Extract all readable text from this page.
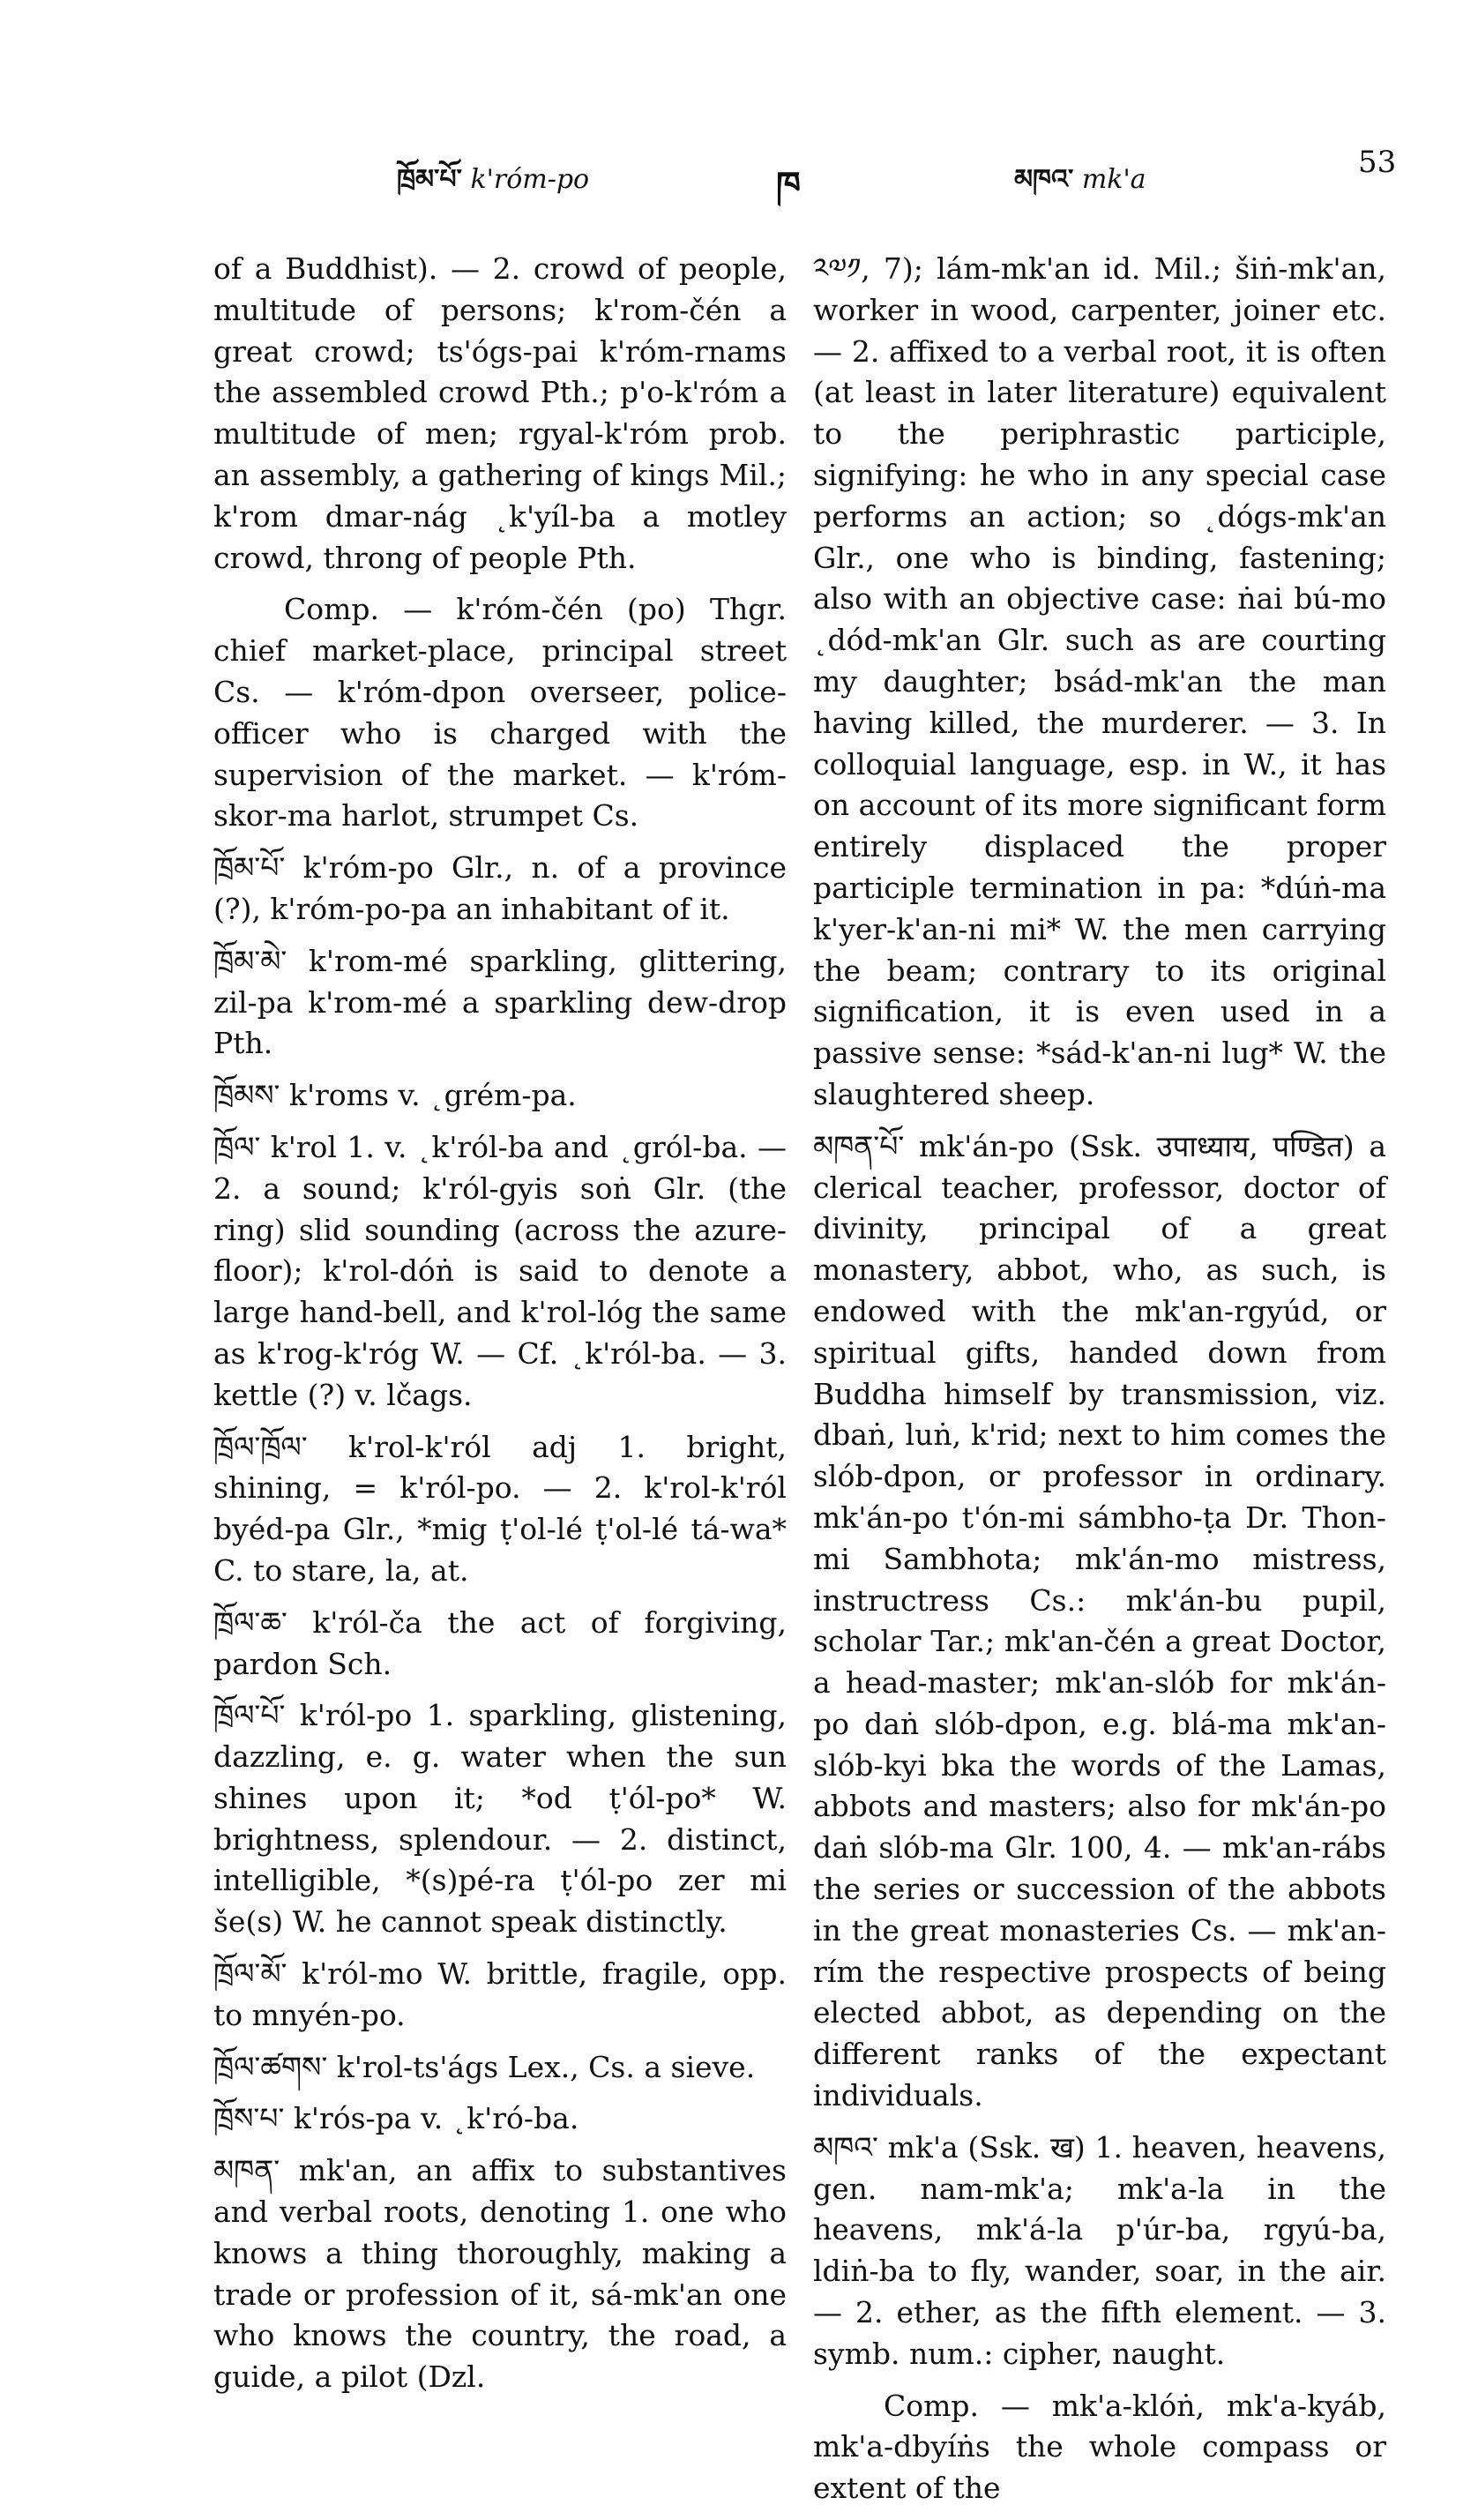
ཁྲོམ་པོ་ k'róm-po	ཁ	མཁའ་ mk'a	53

of a Buddhist). — 2. crowd of people, multitude of persons; k'rom-čén a great crowd; ts'ógs-pai k'róm-rnams the assembled crowd Pth.; p'o-k'róm a multitude of men; rgyal-k'róm prob. an assembly, a gathering of kings Mil.; k'rom dmar-nág ˛k'yíl-ba a motley crowd, throng of people Pth.

Comp. — k'róm-čén (po) Thgr. chief market-place, principal street Cs. — k'róm-dpon overseer, police-officer who is charged with the supervision of the market. — k'róm-skor-ma harlot, strumpet Cs.

ཁྲོམ་པོ་ k'róm-po Glr., n. of a province (?), k'róm-po-pa an inhabitant of it.

ཁྲོམ་མེ་ k'rom-mé sparkling, glittering, zil-pa k'rom-mé a sparkling dew-drop Pth.

ཁྲོམས་ k'roms v. ˛grém-pa.

ཁྲོལ་ k'rol 1. v. ˛k'ról-ba and ˛gról-ba. — 2. a sound; k'ról-gyis soṅ Glr. (the ring) slid sounding (across the azure-floor); k'rol-dóṅ is said to denote a large hand-bell, and k'rol-lóg the same as k'rog-k'róg W. — Cf. ˛k'ról-ba. — 3. kettle (?) v. lčags.

ཁྲོལ་ཁྲོལ་ k'rol-k'ról adj 1. bright, shining, = k'ról-po. — 2. k'rol-k'ról byéd-pa Glr., *mig ṭ'ol-lé ṭ'ol-lé tá-wa* C. to stare, la, at.

ཁྲོལ་ཆ་ k'ról-ča the act of forgiving, pardon Sch.

ཁྲོལ་པོ་ k'ról-po 1. sparkling, glistening, dazzling, e. g. water when the sun shines upon it; *od ṭ'ól-po* W. brightness, splendour. — 2. distinct, intelligible, *(s)pé-ra ṭ'ól-po zer mi še(s) W. he cannot speak distinctly.

ཁྲོལ་མོ་ k'ról-mo W. brittle, fragile, opp. to mnyén-po.

ཁྲོལ་ཚགས་ k'rol-ts'ágs Lex., Cs. a sieve.

ཁྲོས་པ་ k'rós-pa v. ˛k'ró-ba.

མཁན་ mk'an, an affix to substantives and verbal roots, denoting 1. one who knows a thing thoroughly, making a trade or profession of it, sá-mk'an one who knows the country, the road, a guide, a pilot (Dzl.

༢༧༡, 7); lám-mk'an id. Mil.; šiṅ-mk'an, worker in wood, carpenter, joiner etc. — 2. affixed to a verbal root, it is often (at least in later literature) equivalent to the periphrastic participle, signifying: he who in any special case performs an action; so ˛dógs-mk'an Glr., one who is binding, fastening; also with an objective case: ṅai bú-mo ˛dód-mk'an Glr. such as are courting my daughter; bsád-mk'an the man having killed, the murderer. — 3. In colloquial language, esp. in W., it has on account of its more significant form entirely displaced the proper participle termination in pa: *dúṅ-ma k'yer-k'an-ni mi* W. the men carrying the beam; contrary to its original signification, it is even used in a passive sense: *sád-k'an-ni lug* W. the slaughtered sheep.

མཁན་པོ་ mk'án-po (Ssk. उपाध्याय, पण्डित) a clerical teacher, professor, doctor of divinity, principal of a great monastery, abbot, who, as such, is endowed with the mk'an-rgyúd, or spiritual gifts, handed down from Buddha himself by transmission, viz. dbaṅ, luṅ, k'rid; next to him comes the slób-dpon, or professor in ordinary. mk'án-po t'ón-mi sámbho-ṭa Dr. Thon-mi Sambhota; mk'án-mo mistress, instructress Cs.: mk'án-bu pupil, scholar Tar.; mk'an-čén a great Doctor, a head-master; mk'an-slób for mk'án-po daṅ slób-dpon, e.g. blá-ma mk'an-slób-kyi bka the words of the Lamas, abbots and masters; also for mk'án-po daṅ slób-ma Glr. 100, 4. — mk'an-rábs the series or succession of the abbots in the great monasteries Cs. — mk'an-rím the respective prospects of being elected abbot, as depending on the different ranks of the expectant individuals.

མཁའ་ mk'a (Ssk. ख) 1. heaven, heavens, gen. nam-mk'a; mk'a-la in the heavens, mk'á-la p'úr-ba, rgyú-ba, ldiṅ-ba to fly, wander, soar, in the air. — 2. ether, as the fifth element. — 3. symb. num.: cipher, naught.

Comp. — mk'a-klóṅ, mk'a-kyáb, mk'a-dbyíṅs the whole compass or extent of the
